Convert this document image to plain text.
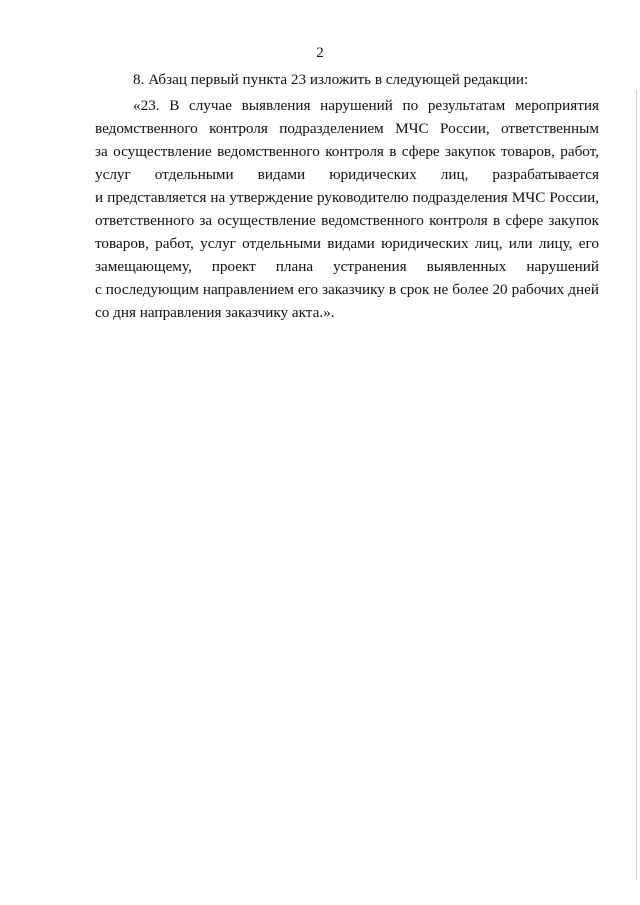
2
8. Абзац первый пункта 23 изложить в следующей редакции:
«23. В случае выявления нарушений по результатам мероприятия
ведомственного контроля подразделением МЧС России, ответственным
за осуществление ведомственного контроля в сфере закупок товаров, работ,
услуг отдельными видами юридических лиц, разрабатывается
и представляется на утверждение руководителю подразделения МЧС России,
ответственного за осуществление ведомственного контроля в сфере закупок
товаров, работ, услуг отдельными видами юридических лиц, или лицу, его
замещающему, проект плана устранения выявленных нарушений
с последующим направлением его заказчику в срок не более 20 рабочих дней
со дня направления заказчику акта.».
